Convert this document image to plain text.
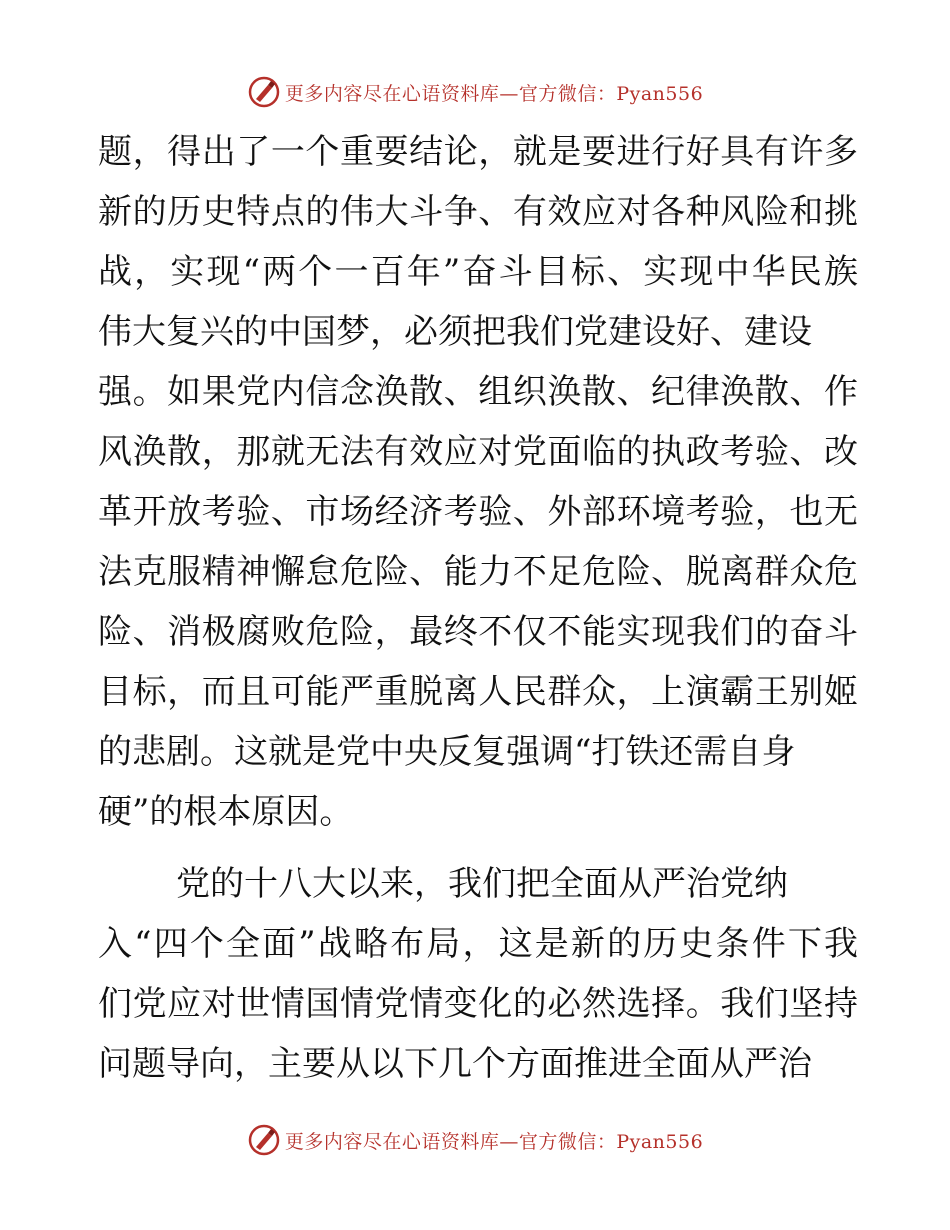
更多内容尽在心语资料库—官方微信：Pyan556
题，得出了一个重要结论，就是要进行好具有许多
新的历史特点的伟大斗争、有效应对各种风险和挑
战，实现“两个一百年”奋斗目标、实现中华民族
伟大复兴的中国梦，必须把我们党建设好、建设
强。如果党内信念涣散、组织涣散、纪律涣散、作
风涣散，那就无法有效应对党面临的执政考验、改
革开放考验、市场经济考验、外部环境考验，也无
法克服精神懈怠危险、能力不足危险、脱离群众危
险、消极腐败危险，最终不仅不能实现我们的奋斗
目标，而且可能严重脱离人民群众，上演霸王别姬
的悲剧。这就是党中央反复强调“打铁还需自身
硬”的根本原因。
党的十八大以来，我们把全面从严治党纳
入“四个全面”战略布局，这是新的历史条件下我
们党应对世情国情党情变化的必然选择。我们坚持
问题导向，主要从以下几个方面推进全面从严治
更多内容尽在心语资料库—官方微信：Pyan556
